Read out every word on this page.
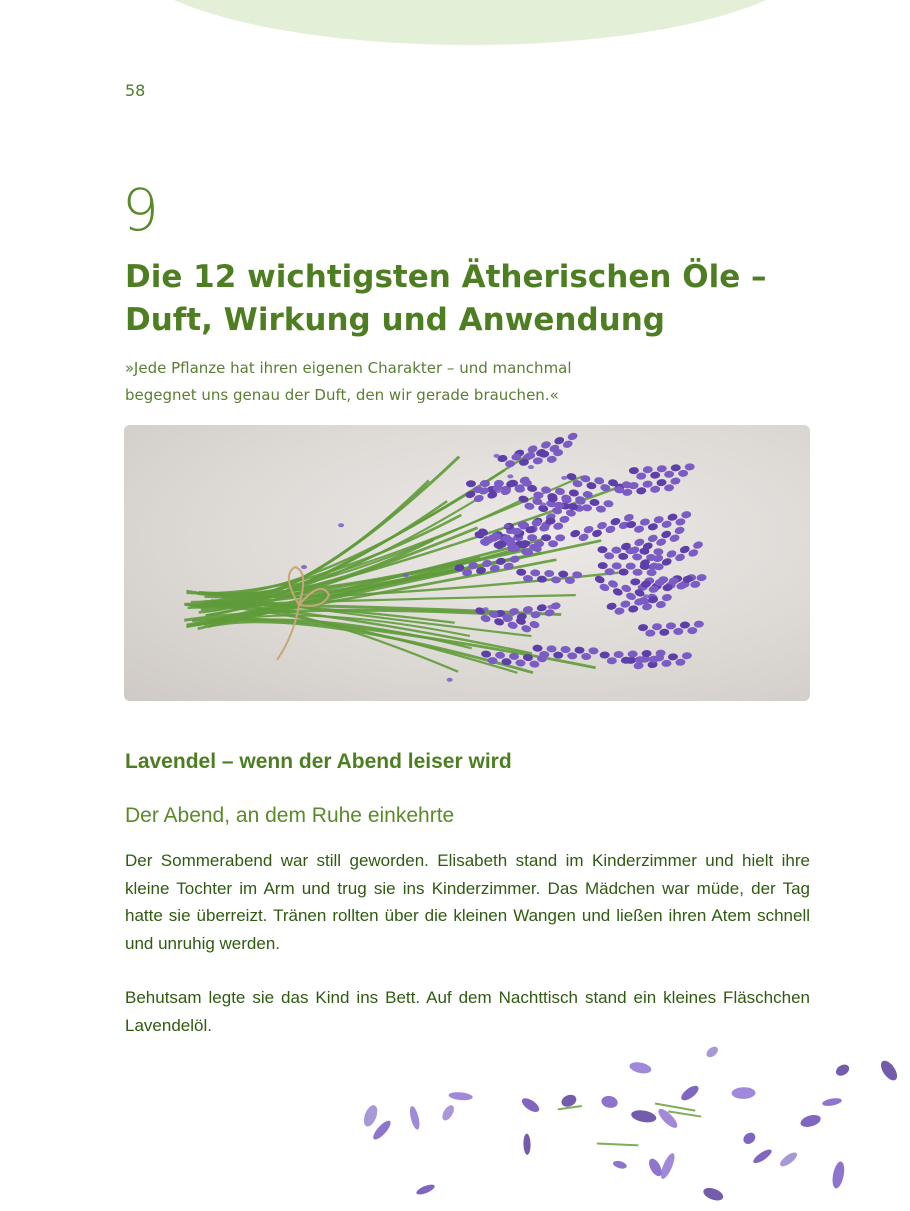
58
9
Die 12 wichtigsten Ätherischen Öle –
Duft, Wirkung und Anwendung
»Jede Pflanze hat ihren eigenen Charakter – und manchmal
begegnet uns genau der Duft, den wir gerade brauchen.«
Lavendel – wenn der Abend leiser wird
Der Abend, an dem Ruhe einkehrte

Der Sommerabend war still geworden. Elisabeth stand im Kinderzimmer und hielt ihre kleine Tochter im Arm und trug sie ins Kinderzimmer. Das Mädchen war müde, der Tag hatte sie überreizt. Tränen rollten über die kleinen Wangen und ließen ihren Atem schnell und unruhig werden.

Behutsam legte sie das Kind ins Bett. Auf dem Nachttisch stand ein kleines Fläschchen Lavendelöl.
